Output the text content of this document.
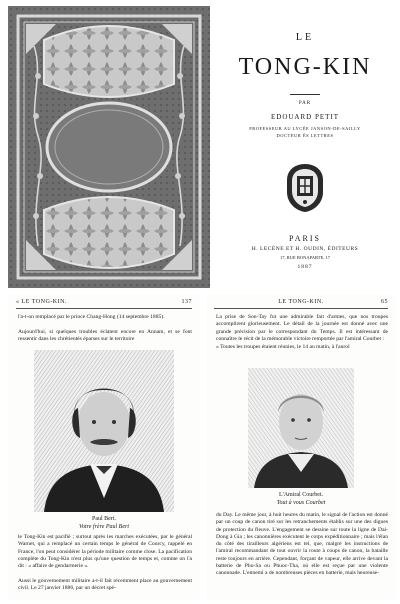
LE
TONG-KIN
PAR
EDOUARD PETIT
PROFESSEUR AU LYCÉE JANSON-DE-SAILLY
DOCTEUR ÈS LETTRES
PARIS
H. LECÈNE ET H. OUDIN, ÉDITEURS
17, RUE BONAPARTE, 17
1887
« LE TONG-KIN.	137
l'a-t-on remplacé par le prince Chang-Hong (14 septembre 1885).
Aujourd'hui, si quelques troubles éclatent encore en Annam, et se font ressentir dans les chrétientés éparses sur le territoire
Paul Bert.
Votre frère Paul Bert
le Tong-Kin est pacifié ; surtout après les marches exécutées, par le général Warnet, qui a remplacé un certain temps le général de Courcy, rappelé en France, l'on peut considérer la période militaire comme close. La pacification complète du Tong-Kin n'est plus qu'une question de temps et, comme on l'a dit : « affaire de gendarmerie ».
Aussi le gouvernement militaire a-t-il fait récemment place au gouvernement civil. Le 27 janvier 1886, par un décret spé-
LE TONG-KIN.	65
La prise de Son-Tay fut une admirable fait d'armes, que nos troupes accomplirent glorieusement. Le détail de la journée est donné avec une grande précision par le correspondant du Temps. Il est intéressant de connaître le récit de la mémorable victoire remportée par l'amiral Courbet :
« Toutes les troupes étaient réunies, le 14 au matin, à l'aurol
L'Amiral Courbet.
Tout à vous Courbet
du Day. Le même jour, à huit heures du matin, le signal de l'action est donné par un coup de canon tiré sur les retranchements établis sur une des digues de protection du fleuve. L'engagement se dessine sur toute la ligne de Dai-Dong à Gia ; les canonnières exécutent le corps expéditionnaire ; mais l'élan du côté des tirailleurs algériens est tel, que, malgré les instructions de l'amiral recommandant de tout ouvrir la route à coups de canon, la bataille reste toujours en arrière. Cependant, forçant de vapeur, elle arrive devant la batterie de Phu-Sa ou Phuoc-Tha, où elle est reçue par une violente canonnade. L'ennemi a de nombreuses pièces en batterie, mais heureuse-
